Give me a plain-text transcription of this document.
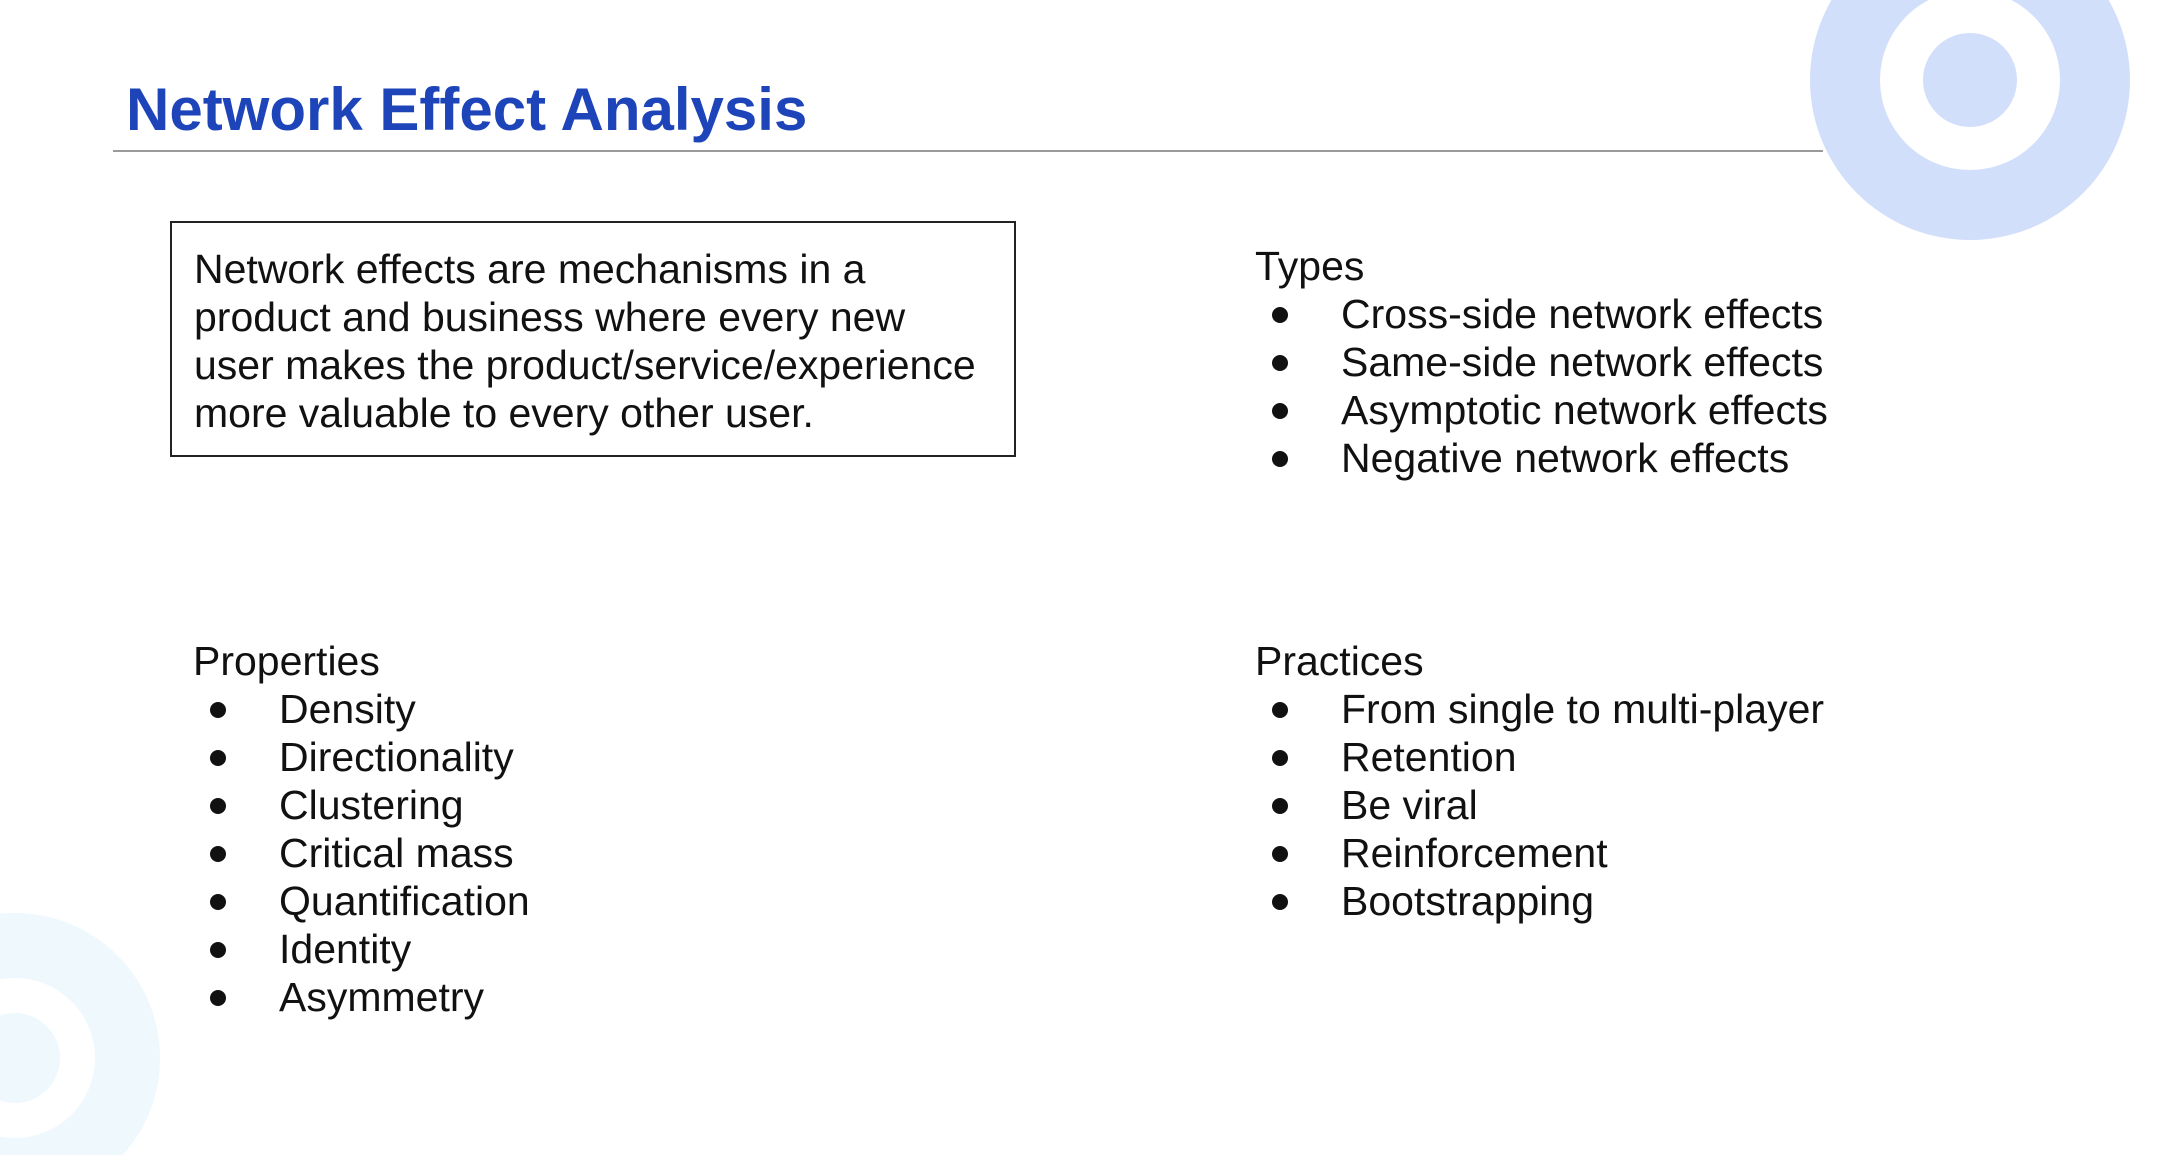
Network Effect Analysis
Network effects are mechanisms in a product and business where every new user makes the product/service/experience more valuable to every other user.
Types
Cross-side network effects
Same-side network effects
Asymptotic network effects
Negative network effects
Properties
Density
Directionality
Clustering
Critical mass
Quantification
Identity
Asymmetry
Practices
From single to multi-player
Retention
Be viral
Reinforcement
Bootstrapping
